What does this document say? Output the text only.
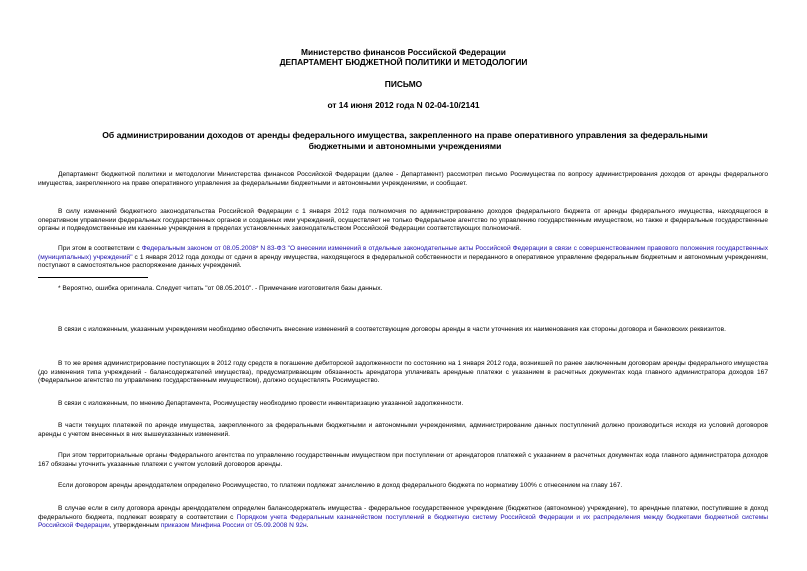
Министерство финансов Российской Федерации
ДЕПАРТАМЕНТ БЮДЖЕТНОЙ ПОЛИТИКИ И МЕТОДОЛОГИИ
ПИСЬМО
от 14 июня 2012 года N 02-04-10/2141
Об администрировании доходов от аренды федерального имущества, закрепленного на праве оперативного управления за федеральными бюджетными и автономными учреждениями

Департамент бюджетной политики и методологии Министерства финансов Российской Федерации (далее - Департамент) рассмотрел письмо Росимущества по вопросу администрирования доходов от аренды федерального имущества, закрепленного на праве оперативного управления за федеральными бюджетными и автономными учреждениями, и сообщает.

В силу изменений бюджетного законодательства Российской Федерации с 1 января 2012 года полномочия по администрированию доходов федерального бюджета от аренды федерального имущества, находящегося в оперативном управлении федеральных государственных органов и созданных ими учреждений, осуществляет не только Федеральное агентство по управлению государственным имуществом, но также и федеральные государственные органы и подведомственные им казенные учреждения в пределах установленных законодательством Российской Федерации соответствующих полномочий.

При этом в соответствии с Федеральным законом от 08.05.2008* N 83-ФЗ "О внесении изменений в отдельные законодательные акты Российской Федерации в связи с совершенствованием правового положения государственных (муниципальных) учреждений" с 1 января 2012 года доходы от сдачи в аренду имущества, находящегося в федеральной собственности и переданного в оперативное управление федеральным бюджетным и автономным учреждениям, поступают в самостоятельное распоряжение данных учреждений.

* Вероятно, ошибка оригинала. Следует читать "от 08.05.2010". - Примечание изготовителя базы данных.

В связи с изложенным, указанным учреждениям необходимо обеспечить внесение изменений в соответствующие договоры аренды в части уточнения их наименования как стороны договора и банковских реквизитов.

В то же время администрирование поступающих в 2012 году средств в погашение дебиторской задолженности по состоянию на 1 января 2012 года, возникшей по ранее заключенным договорам аренды федерального имущества (до изменения типа учреждений - балансодержателей имущества), предусматривающим обязанность арендатора уплачивать арендные платежи с указанием в расчетных документах кода главного администратора доходов 167 (Федеральное агентство по управлению государственным имуществом), должно осуществлять Росимущество.

В связи с изложенным, по мнению Департамента, Росимуществу необходимо провести инвентаризацию указанной задолженности.

В части текущих платежей по аренде имущества, закрепленного за федеральными бюджетными и автономными учреждениями, администрирование данных поступлений должно производиться исходя из условий договоров аренды с учетом внесенных в них вышеуказанных изменений.

При этом территориальные органы Федерального агентства по управлению государственным имуществом при поступлении от арендаторов платежей с указанием в расчетных документах кода главного администратора доходов 167 обязаны уточнить указанные платежи с учетом условий договоров аренды.

Если договором аренды арендодателем определено Росимущество, то платежи подлежат зачислению в доход федерального бюджета по нормативу 100% с отнесением на главу 167.

В случае если в силу договора аренды арендодателем определен балансодержатель имущества - федеральное государственное учреждение (бюджетное (автономное) учреждение), то арендные платежи, поступившие в доход федерального бюджета, подлежат возврату в соответствии с Порядком учета Федеральным казначейством поступлений в бюджетную систему Российской Федерации и их распределения между бюджетами бюджетной системы Российской Федерации, утвержденным приказом Минфина России от 05.09.2008 N 92н.
